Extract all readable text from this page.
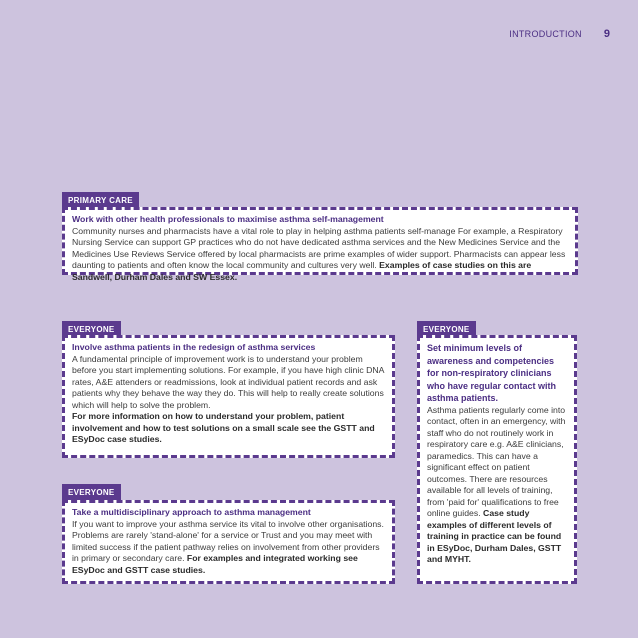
INTRODUCTION 9
PRIMARY CARE
Work with other health professionals to maximise asthma self-management
Community nurses and pharmacists have a vital role to play in helping asthma patients self-manage For example, a Respiratory Nursing Service can support GP practices who do not have dedicated asthma services and the New Medicines Service and the Medicines Use Reviews Service offered by local pharmacists are prime examples of wider support. Pharmacists can appear less daunting to patients and often know the local community and cultures very well. Examples of case studies on this are Sandwell, Durham Dales and SW Essex.
EVERYONE
Involve asthma patients in the redesign of asthma services
A fundamental principle of improvement work is to understand your problem before you start implementing solutions. For example, if you have high clinic DNA rates, A&E attenders or readmissions, look at individual patient records and ask patients why they behave the way they do. This will help to really create solutions which will help to solve the problem.
For more information on how to understand your problem, patient involvement and how to test solutions on a small scale see the GSTT and ESyDoc case studies.
EVERYONE
Take a multidisciplinary approach to asthma management
If you want to improve your asthma service its vital to involve other organisations. Problems are rarely 'stand-alone' for a service or Trust and you may meet with limited success if the patient pathway relies on involvement from other providers in primary or secondary care. For examples and integrated working see ESyDoc and GSTT case studies.
EVERYONE
Set minimum levels of awareness and competencies for non-respiratory clinicians who have regular contact with asthma patients.
Asthma patients regularly come into contact, often in an emergency, with staff who do not routinely work in respiratory care e.g. A&E clinicians, paramedics. This can have a significant effect on patient outcomes. There are resources available for all levels of training, from 'paid for' qualifications to free online guides. Case study examples of different levels of training in practice can be found in ESyDoc, Durham Dales, GSTT and MYHT.
